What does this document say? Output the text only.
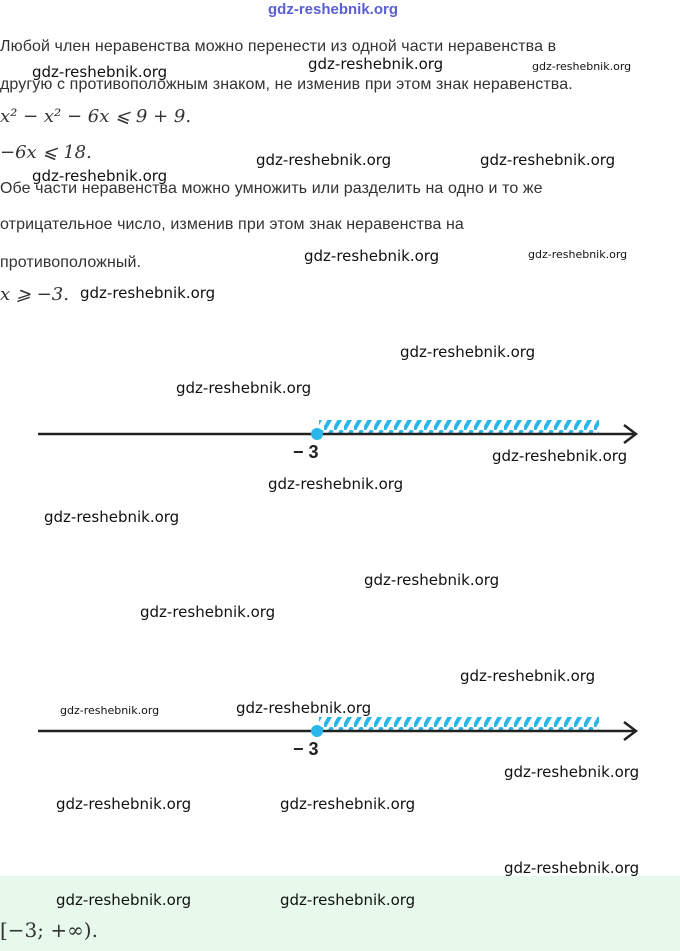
gdz-reshebnik.org
Любой член неравенства можно перенести из одной части неравенства в
другую с противоположным знаком, не изменив при этом знак неравенства.
x² − x² − 6x ⩽ 9 + 9.
−6x ⩽ 18.
Обе части неравенства можно умножить или разделить на одно и то же
отрицательное число, изменив при этом знак неравенства на
противоположный.
x ⩾ −3.
− 3
− 3
[−3; +∞).
gdz-reshebnik.org	gdz-reshebnik.org	gdz-reshebnik.org
gdz-reshebnik.org	gdz-reshebnik.org
gdz-reshebnik.org
gdz-reshebnik.org	gdz-reshebnik.org
gdz-reshebnik.org
gdz-reshebnik.org
gdz-reshebnik.org
gdz-reshebnik.org
gdz-reshebnik.org
gdz-reshebnik.org
gdz-reshebnik.org
gdz-reshebnik.org
gdz-reshebnik.org
gdz-reshebnik.org	gdz-reshebnik.org
gdz-reshebnik.org
gdz-reshebnik.org	gdz-reshebnik.org
gdz-reshebnik.org
gdz-reshebnik.org	gdz-reshebnik.org
